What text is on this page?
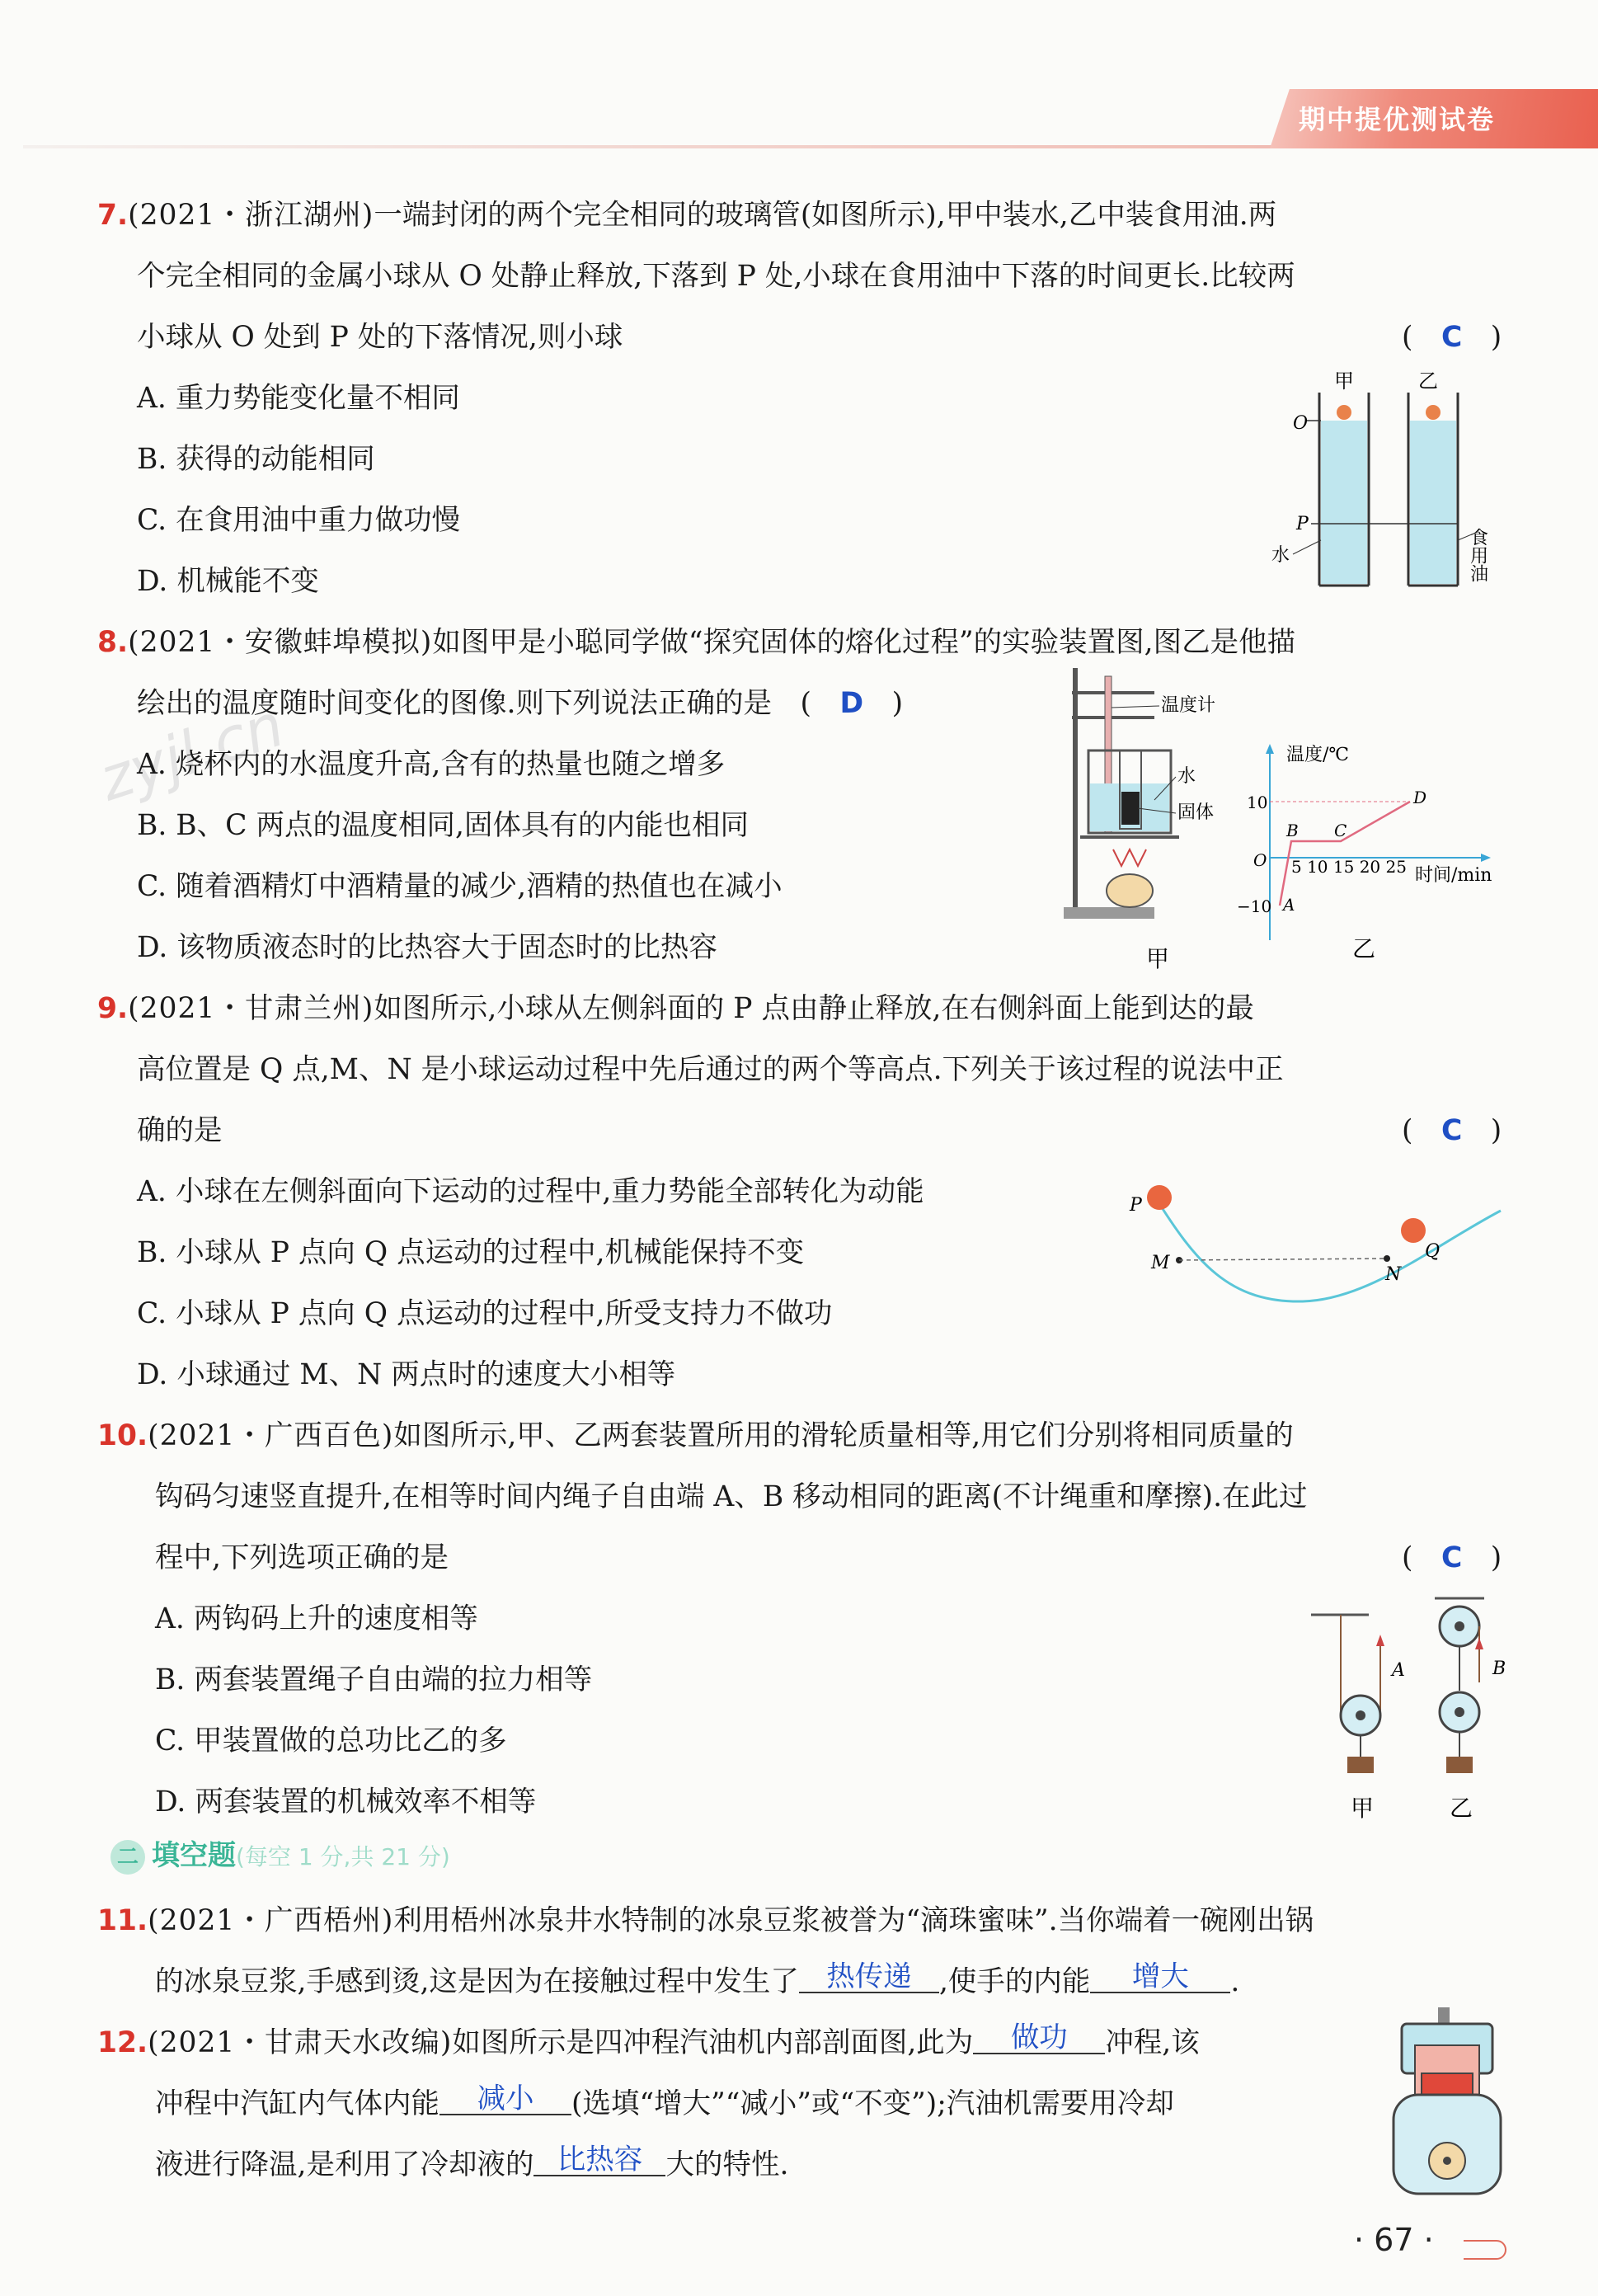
期中提优测试卷
zyjl.cn
7.(2021・浙江湖州)一端封闭的两个完全相同的玻璃管(如图所示),甲中装水,乙中装食用油.两
个完全相同的金属小球从 O 处静止释放,下落到 P 处,小球在食用油中下落的时间更长.比较两
小球从 O 处到 P 处的下落情况,则小球	(　C　)
A. 重力势能变化量不相同
B. 获得的动能相同
C. 在食用油中重力做功慢
D. 机械能不变
甲	乙
O
P
水	食用油
8.(2021・安徽蚌埠模拟)如图甲是小聪同学做“探究固体的熔化过程”的实验装置图,图乙是他描
绘出的温度随时间变化的图像.则下列说法正确的是　(　D　)
A. 烧杯内的水温度升高,含有的热量也随之增多
B. B、C 两点的温度相同,固体具有的内能也相同
C. 随着酒精灯中酒精量的减少,酒精的热值也在减小
D. 该物质液态时的比热容大于固态时的比热容
温度计
水
固体
甲
温度/℃
时间/min
10
O
−10
5 10 15 20 25
A
B C
D
乙
9.(2021・甘肃兰州)如图所示,小球从左侧斜面的 P 点由静止释放,在右侧斜面上能到达的最
高位置是 Q 点,M、N 是小球运动过程中先后通过的两个等高点.下列关于该过程的说法中正
确的是	(　C　)
A. 小球在左侧斜面向下运动的过程中,重力势能全部转化为动能
B. 小球从 P 点向 Q 点运动的过程中,机械能保持不变
C. 小球从 P 点向 Q 点运动的过程中,所受支持力不做功
D. 小球通过 M、N 两点时的速度大小相等
P
Q
M
N
10.(2021・广西百色)如图所示,甲、乙两套装置所用的滑轮质量相等,用它们分别将相同质量的
钩码匀速竖直提升,在相等时间内绳子自由端 A、B 移动相同的距离(不计绳重和摩擦).在此过
程中,下列选项正确的是	(　C　)
A. 两钩码上升的速度相等
B. 两套装置绳子自由端的拉力相等
C. 甲装置做的总功比乙的多
D. 两套装置的机械效率不相等
A
甲
B
乙
二 填空题(每空 1 分,共 21 分)
11.(2021・广西梧州)利用梧州冰泉井水特制的冰泉豆浆被誉为“滴珠蜜味”.当你端着一碗刚出锅
的冰泉豆浆,手感到烫,这是因为在接触过程中发生了 热传递 ,使手的内能 增大 .
12.(2021・甘肃天水改编)如图所示是四冲程汽油机内部剖面图,此为 做功 冲程,该
冲程中汽缸内气体内能 减小 (选填“增大”“减小”或“不变”);汽油机需要用冷却
液进行降温,是利用了冷却液的 比热容 大的特性.
· 67 ·
